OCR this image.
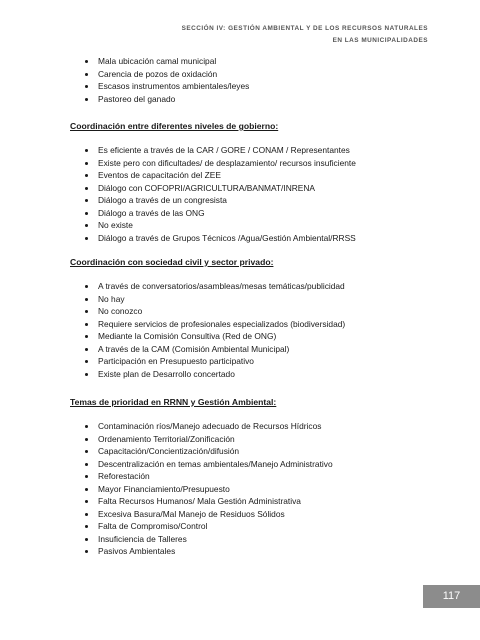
SECCIÓN IV: GESTIÓN AMBIENTAL Y DE LOS RECURSOS NATURALES
EN LAS MUNICIPALIDADES
Mala ubicación camal municipal
Carencia de pozos de oxidación
Escasos instrumentos ambientales/leyes
Pastoreo del ganado
Coordinación entre diferentes niveles de gobierno:
Es eficiente a través de la CAR / GORE / CONAM / Representantes
Existe pero con dificultades/ de desplazamiento/ recursos insuficiente
Eventos de capacitación del ZEE
Diálogo con COFOPRI/AGRICULTURA/BANMAT/INRENA
Diálogo a través de un congresista
Diálogo a través de las ONG
No existe
Diálogo a través de Grupos Técnicos /Agua/Gestión Ambiental/RRSS
Coordinación con sociedad civil y sector privado:
A través de conversatorios/asambleas/mesas temáticas/publicidad
No hay
No conozco
Requiere servicios de profesionales especializados (biodiversidad)
Mediante la Comisión Consultiva (Red de ONG)
A través de la CAM (Comisión Ambiental Municipal)
Participación en Presupuesto participativo
Existe plan de Desarrollo concertado
Temas de prioridad en RRNN y Gestión Ambiental:
Contaminación ríos/Manejo adecuado de Recursos Hídricos
Ordenamiento Territorial/Zonificación
Capacitación/Concientización/difusión
Descentralización en temas ambientales/Manejo Administrativo
Reforestación
Mayor Financiamiento/Presupuesto
Falta Recursos Humanos/ Mala Gestión Administrativa
Excesiva Basura/Mal Manejo de Residuos Sólidos
Falta de Compromiso/Control
Insuficiencia de Talleres
Pasivos Ambientales
117
